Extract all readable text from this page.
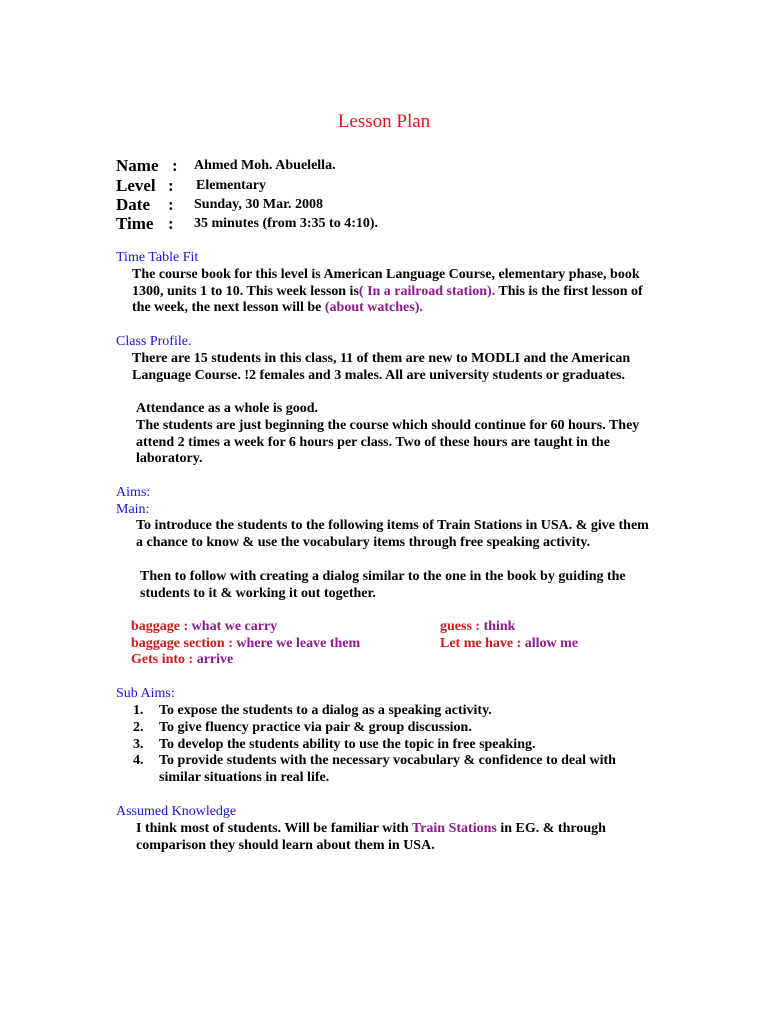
Lesson Plan
Name : Ahmed Moh. Abuelella.
Level : Elementary
Date : Sunday, 30 Mar. 2008
Time : 35 minutes (from 3:35 to 4:10).
Time Table Fit
The course book for this level is American Language Course, elementary phase, book 1300, units 1 to 10. This week lesson is( In a railroad station). This is the first lesson of the week, the next lesson will be (about watches).
Class Profile.
There are 15 students in this class, 11 of them are new to MODLI and the American Language Course. !2 females and 3 males. All are university students or graduates.
Attendance as a whole is good.
The students are just beginning the course which should continue for 60 hours. They attend 2 times a week for 6 hours per class. Two of these hours are taught in the laboratory.
Aims:
Main:
To introduce the students to the following items of Train Stations in USA. & give them a chance to know & use the vocabulary items through free speaking activity.
Then to follow with creating a dialog similar to the one in the book by guiding the students to it & working it out together.
baggage : what we carry	guess : think
baggage section : where we leave them	Let me have : allow me
Gets into : arrive
Sub Aims:
1.	To expose the students to a dialog as a speaking activity.
2.	To give fluency practice via pair & group discussion.
3.	To develop the students ability to use the topic in free speaking.
4.	To provide students with the necessary vocabulary & confidence to deal with similar situations in real life.
Assumed Knowledge
I think most of students. Will be familiar with Train Stations in EG. & through comparison they should learn about them in USA.
